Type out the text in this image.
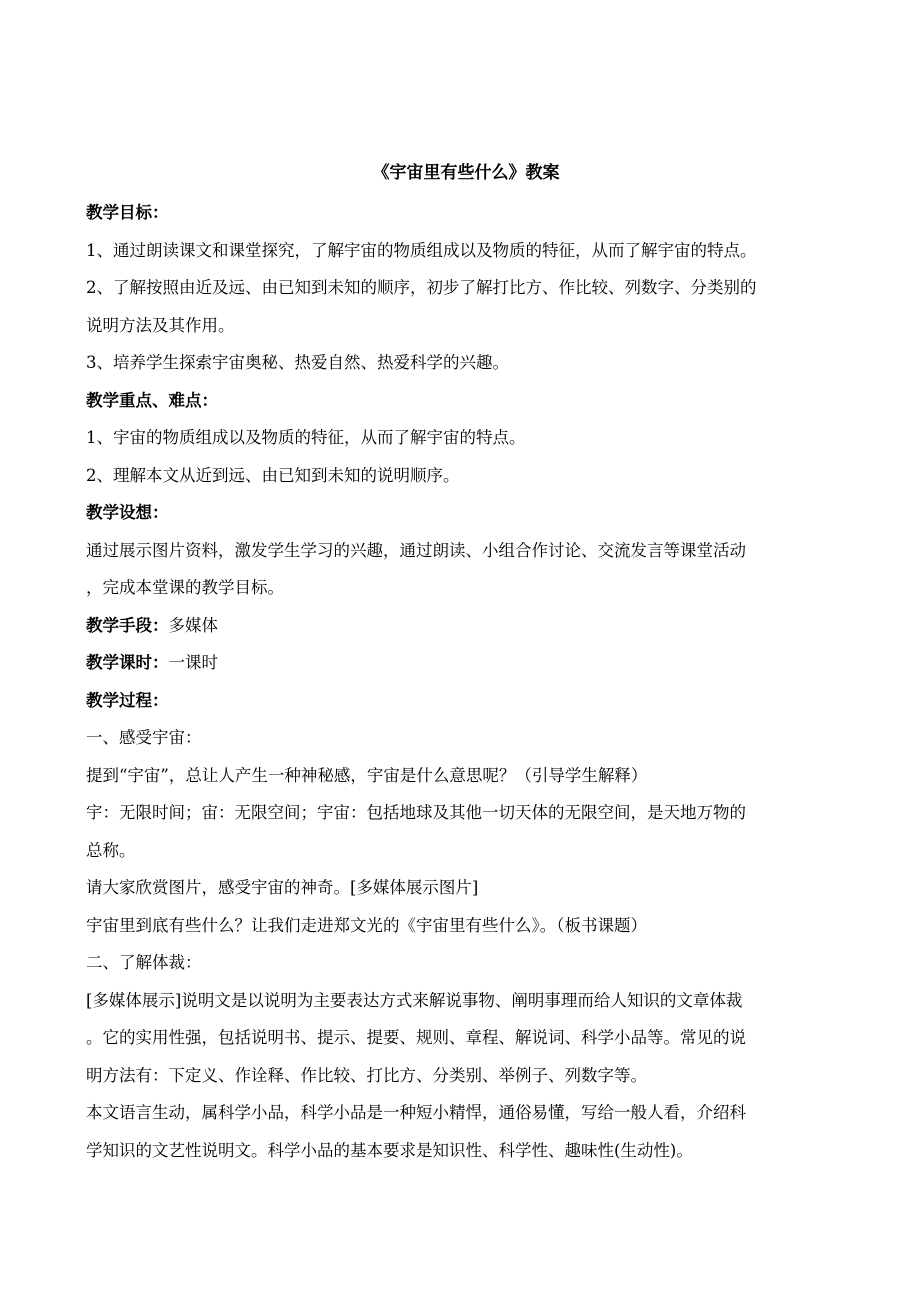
《宇宙里有些什么》教案
教学目标：
1、通过朗读课文和课堂探究，了解宇宙的物质组成以及物质的特征，从而了解宇宙的特点。
2、了解按照由近及远、由已知到未知的顺序，初步了解打比方、作比较、列数字、分类别的
说明方法及其作用。
3、培养学生探索宇宙奥秘、热爱自然、热爱科学的兴趣。
教学重点、难点：
1、宇宙的物质组成以及物质的特征，从而了解宇宙的特点。
2、理解本文从近到远、由已知到未知的说明顺序。
教学设想：
通过展示图片资料，激发学生学习的兴趣，通过朗读、小组合作讨论、交流发言等课堂活动
，完成本堂课的教学目标。
教学手段：多媒体
教学课时：一课时
教学过程：
一、感受宇宙：
提到“宇宙”，总让人产生一种神秘感，宇宙是什么意思呢？（引导学生解释）
宇：无限时间；宙：无限空间；宇宙：包括地球及其他一切天体的无限空间，是天地万物的
总称。
请大家欣赏图片，感受宇宙的神奇。[多媒体展示图片]
宇宙里到底有些什么？让我们走进郑文光的《宇宙里有些什么》。（板书课题）
二、了解体裁：
[多媒体展示]说明文是以说明为主要表达方式来解说事物、阐明事理而给人知识的文章体裁
。它的实用性强，包括说明书、提示、提要、规则、章程、解说词、科学小品等。常见的说
明方法有：下定义、作诠释、作比较、打比方、分类别、举例子、列数字等。
本文语言生动，属科学小品，科学小品是一种短小精悍，通俗易懂，写给一般人看，介绍科
学知识的文艺性说明文。科学小品的基本要求是知识性、科学性、趣味性(生动性)。
